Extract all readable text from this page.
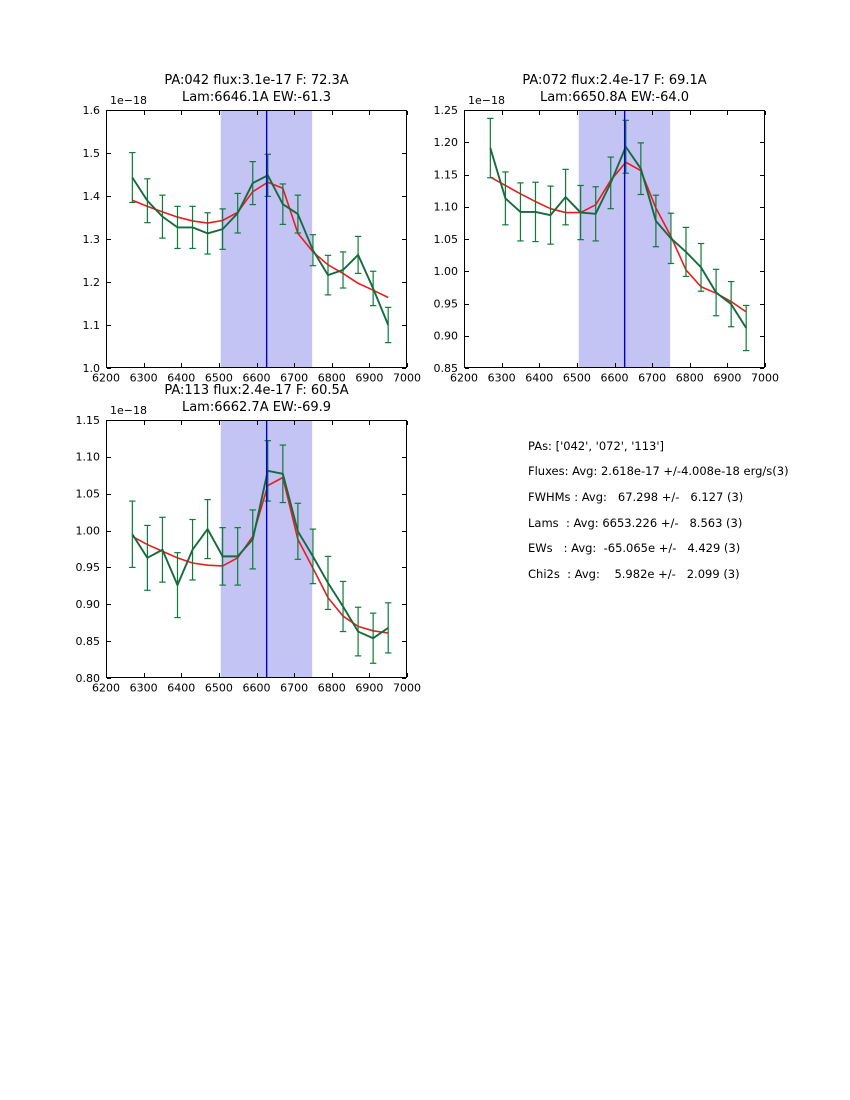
6200 6300 6400 6500 6600 6700 6800 6900 7000
1.0
1.1
1.2
1.3
1.4
1.5
1.6
6200 6300 6400 6500 6600 6700 6800 6900 7000
0.85
0.90
0.95
1.00
1.05
1.10
1.15
1.20
1.25
6200 6300 6400 6500 6600 6700 6800 6900 7000
0.80
0.85
0.90
0.95
1.00
1.05
1.10
1.15
PA:042 flux:3.1e-17 F: 72.3A
Lam:6646.1A EW:-61.3
PA:072 flux:2.4e-17 F: 69.1A
Lam:6650.8A EW:-64.0
PA:113 flux:2.4e-17 F: 60.5A
Lam:6662.7A EW:-69.9
1e−18	1e−18
1e−18
PAs: ['042', '072', '113']
Fluxes: Avg: 2.618e-17 +/-4.008e-18 erg/s(3)
FWHMs : Avg:   67.298 +/-   6.127 (3)
Lams  : Avg: 6653.226 +/-   8.563 (3)
EWs   : Avg:  -65.065e +/-   4.429 (3)
Chi2s  : Avg:    5.982e +/-   2.099 (3)
